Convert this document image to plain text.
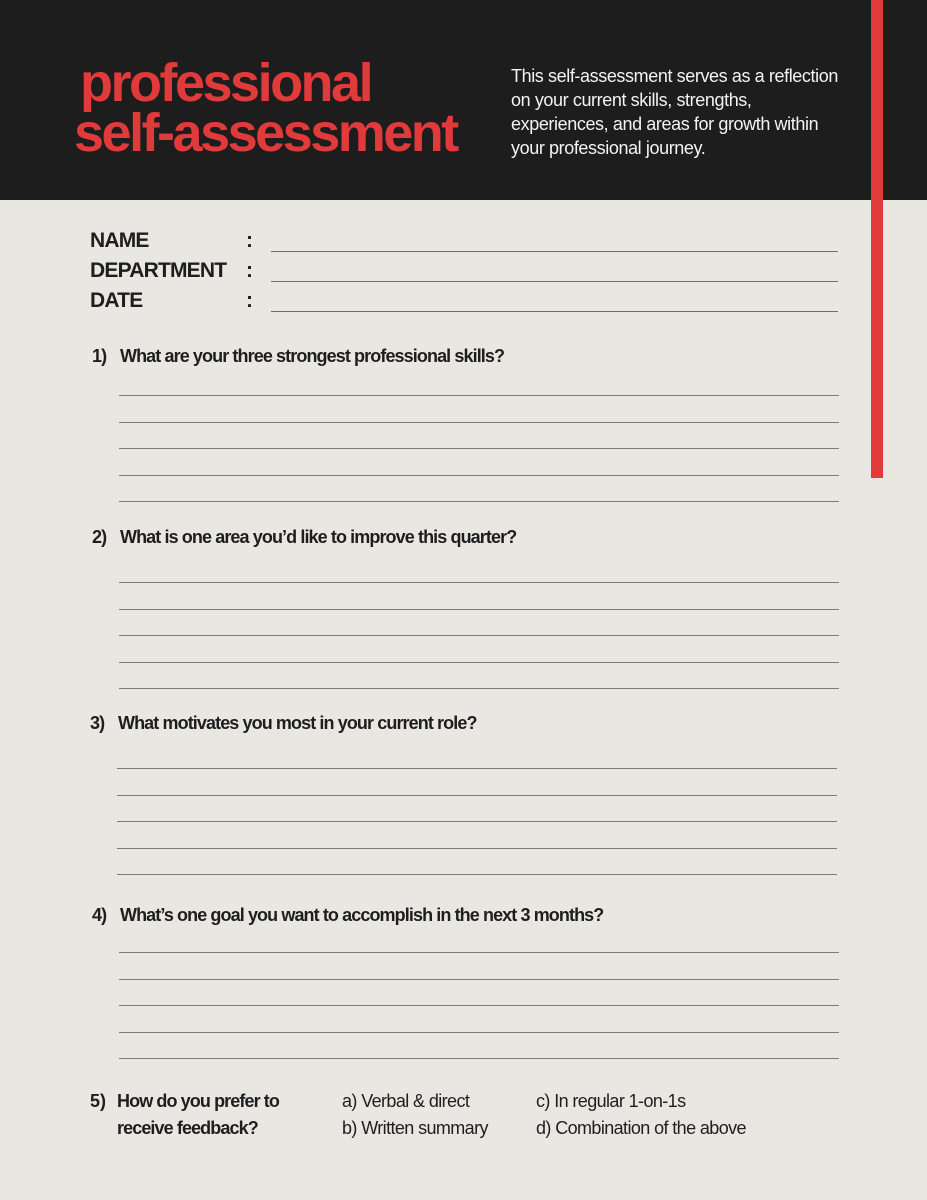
professional
self-assessment

This self-assessment serves as a reflection on your current skills, strengths, experiences, and areas for growth within your professional journey.

NAME	:
DEPARTMENT :
DATE	:
1) What are your three strongest professional skills?
2) What is one area you’d like to improve this quarter?
3) What motivates you most in your current role?
4) What’s one goal you want to accomplish in the next 3 months?
5) How do you prefer to receive feedback?
a) Verbal & direct
b) Written summary
c) In regular 1-on-1s
d) Combination of the above
